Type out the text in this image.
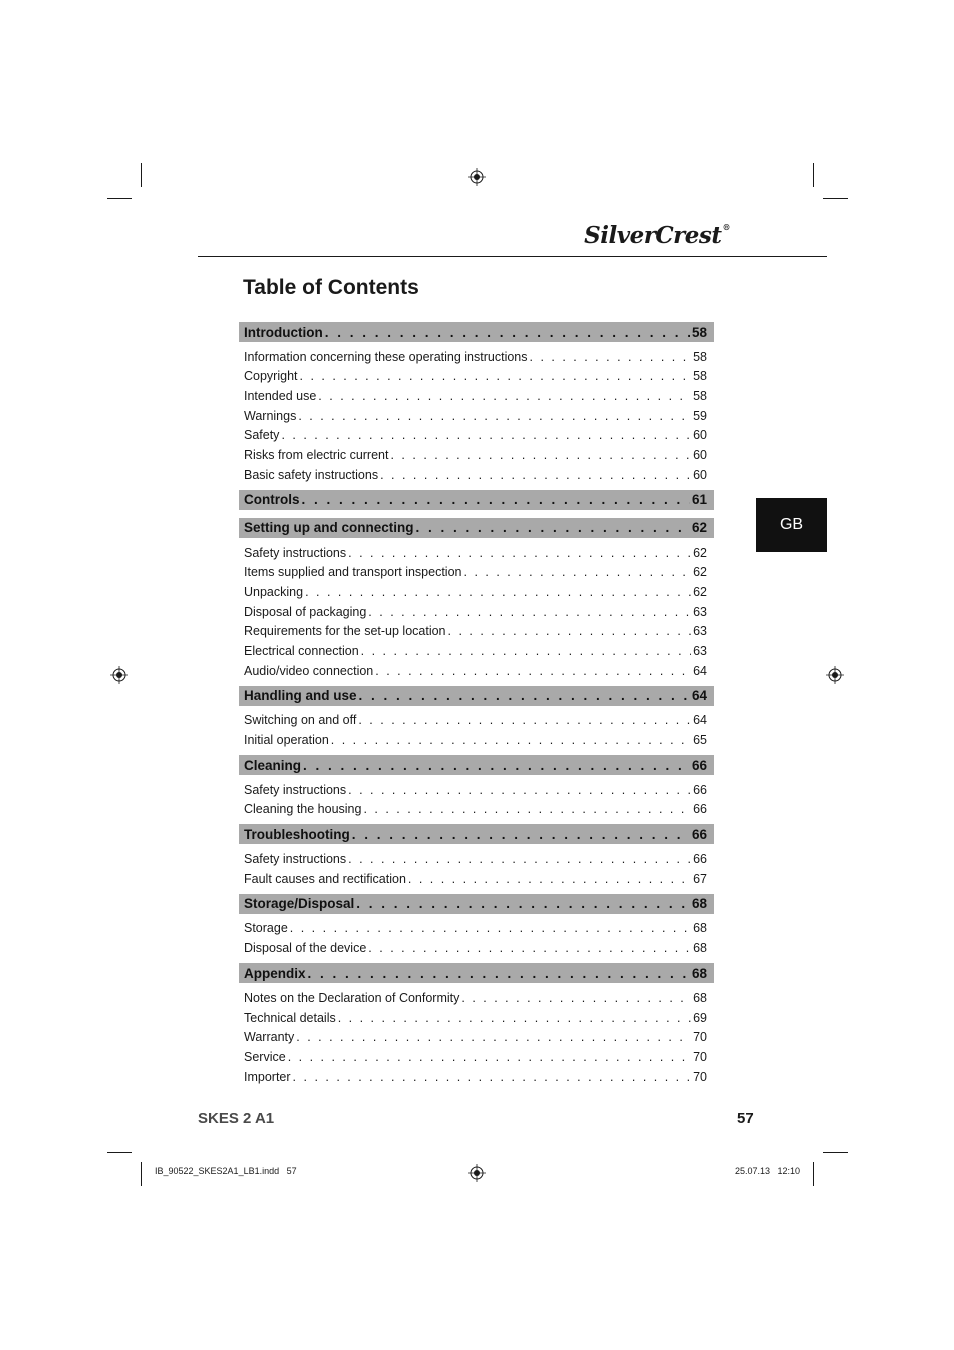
SilverCrest®
Table of Contents
GB
Introduction . . .	58
Information concerning these operating instructions . . .	58
Copyright . . .	58
Intended use . . .	58
Warnings . . .	59
Safety . . .	60
Risks from electric current . . .	60
Basic safety instructions . . .	60
Controls . . .	61
Setting up and connecting . . .	62
Safety instructions . . .	62
Items supplied and transport inspection . . .	62
Unpacking . . .	62
Disposal of packaging . . .	63
Requirements for the set-up location . . .	63
Electrical connection . . .	63
Audio/video connection . . .	64
Handling and use . . .	64
Switching on and off . . .	64
Initial operation . . .	65
Cleaning . . .	66
Safety instructions . . .	66
Cleaning the housing . . .	66
Troubleshooting . . .	66
Safety instructions . . .	66
Fault causes and rectification . . .	67
Storage/Disposal . . .	68
Storage . . .	68
Disposal of the device . . .	68
Appendix . . .	68
Notes on the Declaration of Conformity . . .	68
Technical details . . .	69
Warranty . . .	70
Service . . .	70
Importer . . .	70
SKES 2 A1	57
IB_90522_SKES2A1_LB1.indd   57	25.07.13   12:10
